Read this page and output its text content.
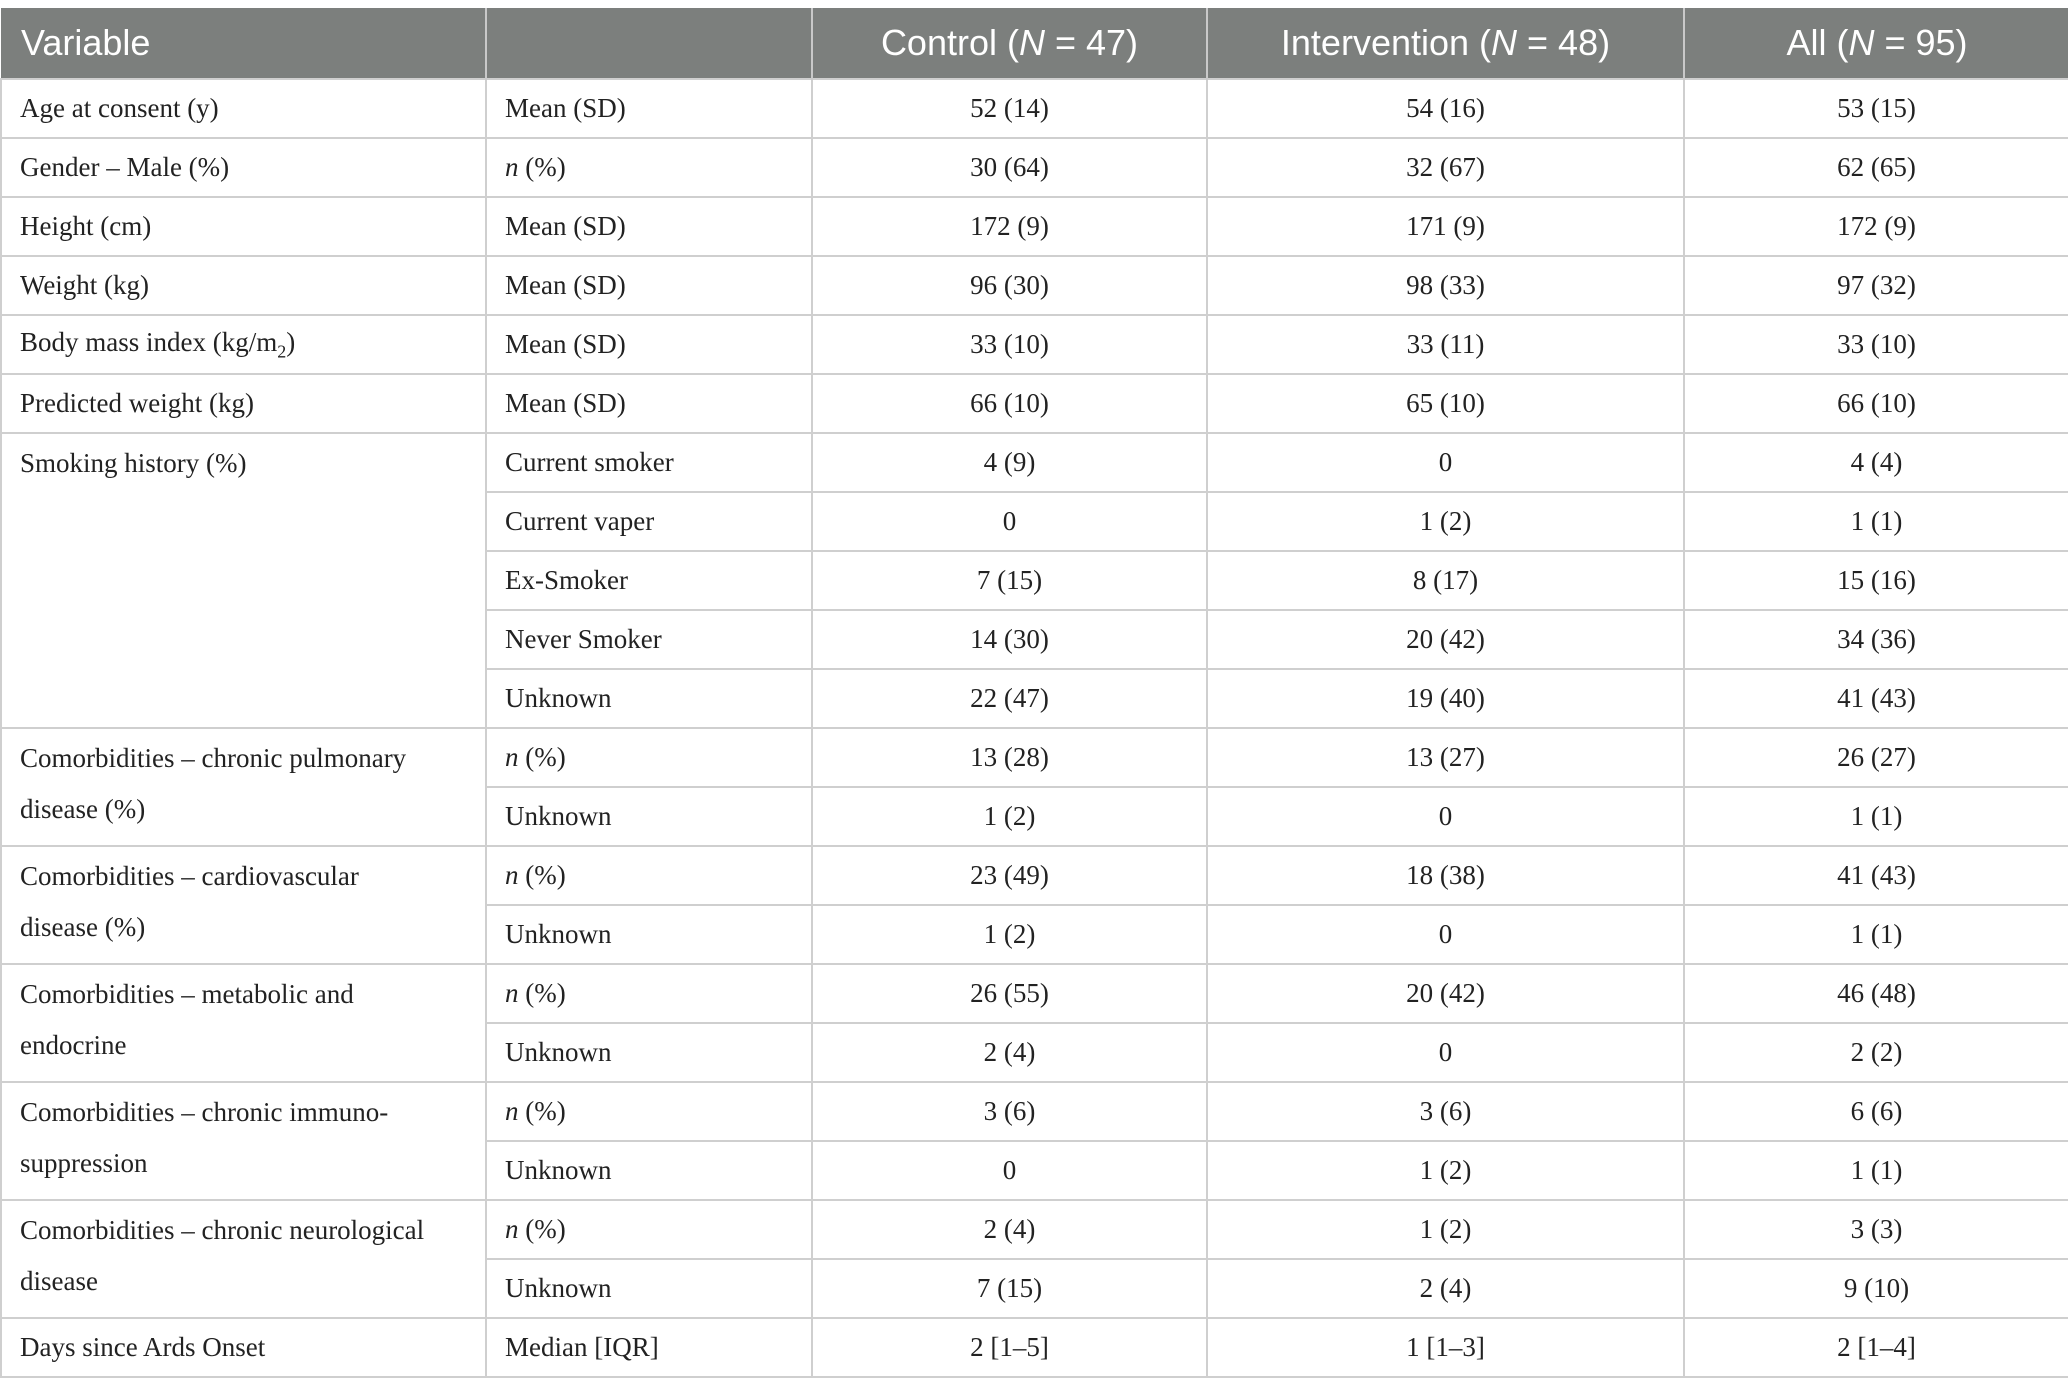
Variable		Control (N = 47)	Intervention (N = 48)	All (N = 95)
Age at consent (y)	Mean (SD)	52 (14)	54 (16)	53 (15)
Gender – Male (%)	n (%)	30 (64)	32 (67)	62 (65)
Height (cm)	Mean (SD)	172 (9)	171 (9)	172 (9)
Weight (kg)	Mean (SD)	96 (30)	98 (33)	97 (32)
Body mass index $(kg/m_2)$	Mean (SD)	33 (10)	33 (11)	33 (10)
Predicted weight (kg)	Mean (SD)	66 (10)	65 (10)	66 (10)
Smoking history (%)	Current smoker	4 (9)	0	4 (4)
	Current vaper	0	1 (2)	1 (1)
	Ex-Smoker	7 (15)	8 (17)	15 (16)
	Never Smoker	14 (30)	20 (42)	34 (36)
	Unknown	22 (47)	19 (40)	41 (43)
Comorbidities – chronic pulmonary
disease (%)	n (%)	13 (28)	13 (27)	26 (27)
	Unknown	1 (2)	0	1 (1)
Comorbidities – cardiovascular
disease (%)	n (%)	23 (49)	18 (38)	41 (43)
	Unknown	1 (2)	0	1 (1)
Comorbidities – metabolic and
endocrine	n (%)	26 (55)	20 (42)	46 (48)
	Unknown	2 (4)	0	2 (2)
Comorbidities – chronic immuno-
suppression	n (%)	3 (6)	3 (6)	6 (6)
	Unknown	0	1 (2)	1 (1)
Comorbidities – chronic neurological
disease	n (%)	2 (4)	1 (2)	3 (3)
	Unknown	7 (15)	2 (4)	9 (10)
Days since Ards Onset	Median [IQR]	2 [1–5]	1 [1–3]	2 [1–4]
